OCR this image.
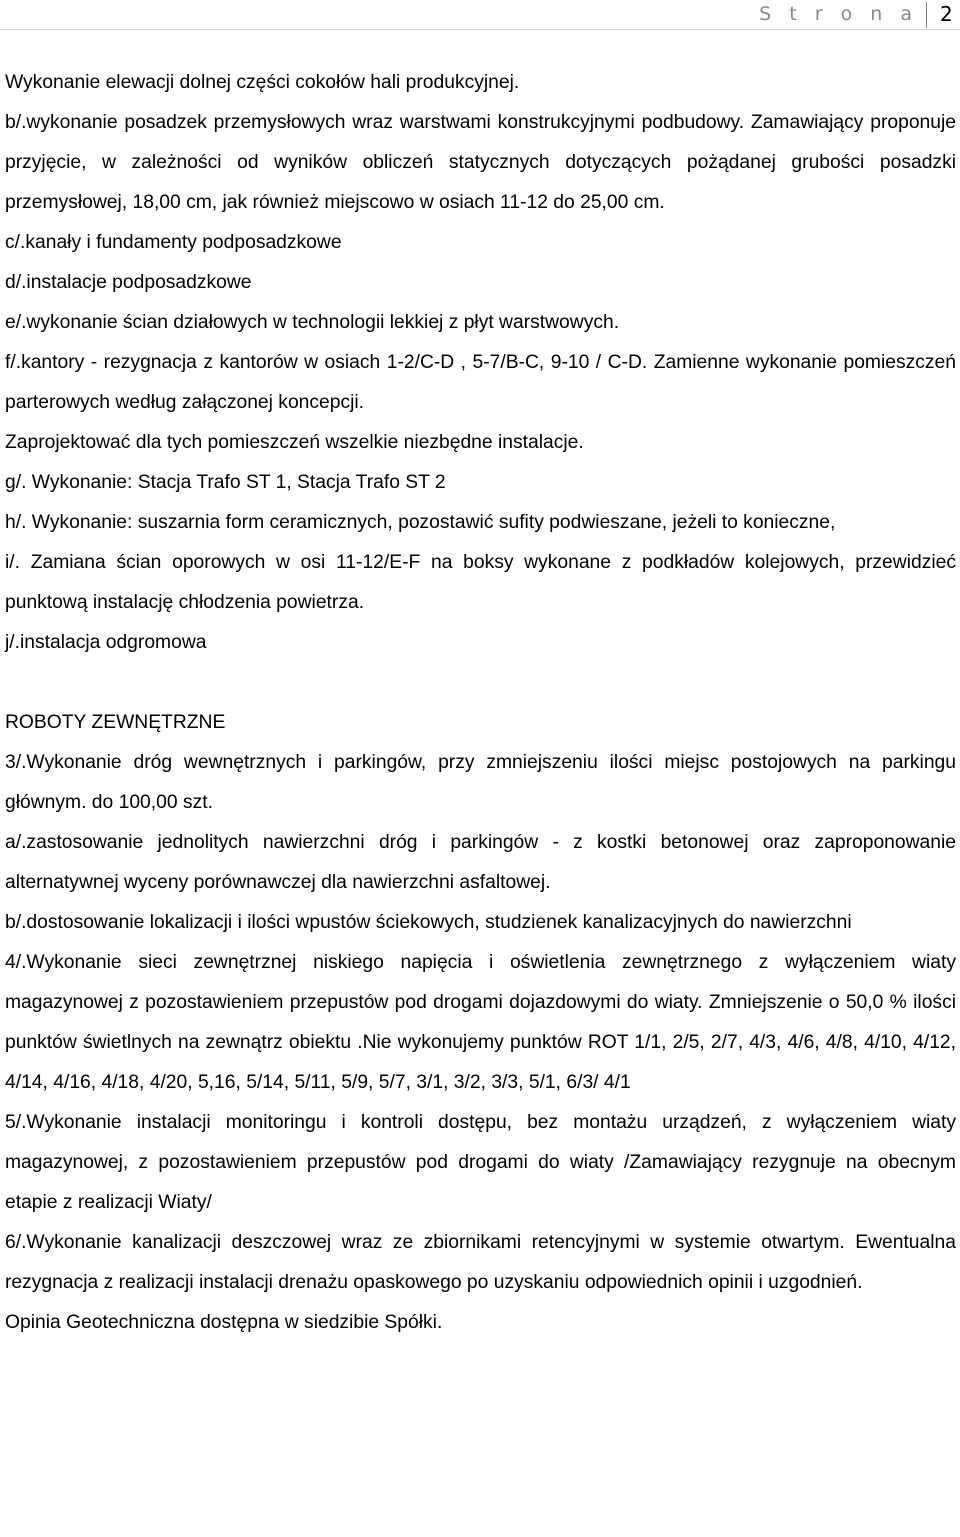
S t r o n a 2

Wykonanie elewacji dolnej części cokołów hali produkcyjnej.

b/.wykonanie posadzek przemysłowych wraz warstwami konstrukcyjnymi podbudowy. Zamawiający proponuje przyjęcie, w zależności od wyników obliczeń statycznych dotyczących pożądanej grubości posadzki przemysłowej, 18,00 cm, jak również miejscowo w osiach 11-12 do 25,00 cm.

c/.kanały i fundamenty podposadzkowe

d/.instalacje podposadzkowe

e/.wykonanie ścian działowych w technologii lekkiej z płyt warstwowych.

f/.kantory - rezygnacja z kantorów w osiach 1-2/C-D , 5-7/B-C, 9-10 / C-D. Zamienne wykonanie pomieszczeń parterowych według załączonej koncepcji.

Zaprojektować dla tych pomieszczeń wszelkie niezbędne instalacje.

g/. Wykonanie: Stacja Trafo ST 1, Stacja Trafo ST 2

h/. Wykonanie: suszarnia form ceramicznych, pozostawić sufity podwieszane, jeżeli to konieczne,

i/. Zamiana ścian oporowych w osi 11-12/E-F na boksy wykonane z podkładów kolejowych, przewidzieć punktową instalację chłodzenia powietrza.

j/.instalacja odgromowa

ROBOTY ZEWNĘTRZNE

3/.Wykonanie dróg wewnętrznych i parkingów, przy zmniejszeniu ilości miejsc postojowych na parkingu głównym. do 100,00 szt.

a/.zastosowanie jednolitych nawierzchni dróg i parkingów - z kostki betonowej oraz zaproponowanie alternatywnej wyceny porównawczej dla nawierzchni asfaltowej.

b/.dostosowanie lokalizacji i ilości wpustów ściekowych, studzienek kanalizacyjnych do nawierzchni

4/.Wykonanie sieci zewnętrznej niskiego napięcia i oświetlenia zewnętrznego z wyłączeniem wiaty magazynowej z pozostawieniem przepustów pod drogami dojazdowymi do wiaty. Zmniejszenie o 50,0 % ilości punktów świetlnych na zewnątrz obiektu .Nie wykonujemy punktów ROT 1/1, 2/5, 2/7, 4/3, 4/6, 4/8, 4/10, 4/12, 4/14, 4/16, 4/18, 4/20, 5,16, 5/14, 5/11, 5/9, 5/7, 3/1, 3/2, 3/3, 5/1, 6/3/ 4/1

5/.Wykonanie instalacji monitoringu i kontroli dostępu, bez montażu urządzeń, z wyłączeniem wiaty magazynowej, z pozostawieniem przepustów pod drogami do wiaty /Zamawiający rezygnuje na obecnym etapie z realizacji Wiaty/

6/.Wykonanie kanalizacji deszczowej wraz ze zbiornikami retencyjnymi w systemie otwartym. Ewentualna rezygnacja z realizacji instalacji drenażu opaskowego po uzyskaniu odpowiednich opinii i uzgodnień.

Opinia Geotechniczna dostępna w siedzibie Spółki.
